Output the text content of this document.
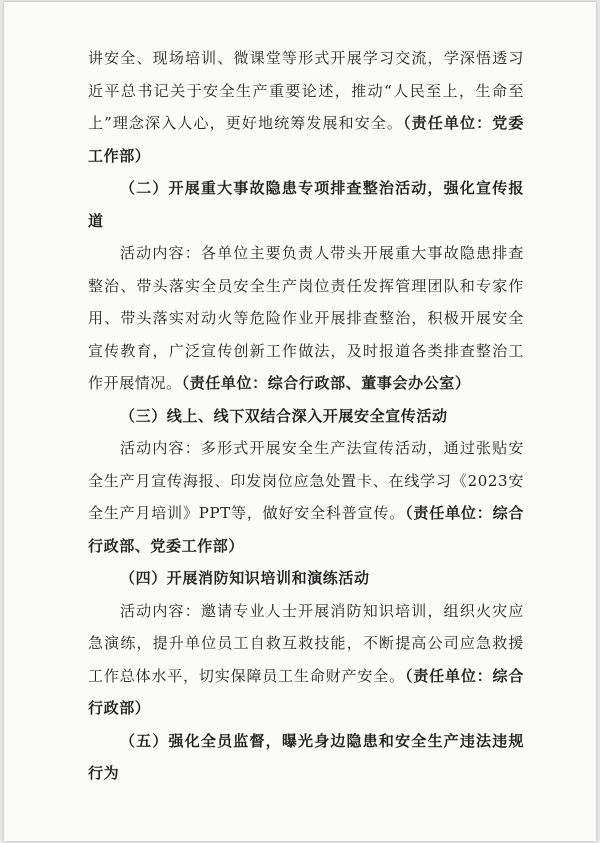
讲安全、现场培训、微课堂等形式开展学习交流，学深悟透习近平总书记关于安全生产重要论述，推动“人民至上，生命至上”理念深入人心，更好地统筹发展和安全。（责任单位：党委工作部）

（二）开展重大事故隐患专项排查整治活动，强化宣传报道

活动内容：各单位主要负责人带头开展重大事故隐患排查整治、带头落实全员安全生产岗位责任发挥管理团队和专家作用、带头落实对动火等危险作业开展排查整治，积极开展安全宣传教育，广泛宣传创新工作做法，及时报道各类排查整治工作开展情况。（责任单位：综合行政部、董事会办公室）

（三）线上、线下双结合深入开展安全宣传活动

活动内容：多形式开展安全生产法宣传活动，通过张贴安全生产月宣传海报、印发岗位应急处置卡、在线学习《2023安全生产月培训》PPT等，做好安全科普宣传。（责任单位：综合行政部、党委工作部）

（四）开展消防知识培训和演练活动

活动内容：邀请专业人士开展消防知识培训，组织火灾应急演练，提升单位员工自救互救技能，不断提高公司应急救援工作总体水平，切实保障员工生命财产安全。（责任单位：综合行政部）

（五）强化全员监督，曝光身边隐患和安全生产违法违规行为
